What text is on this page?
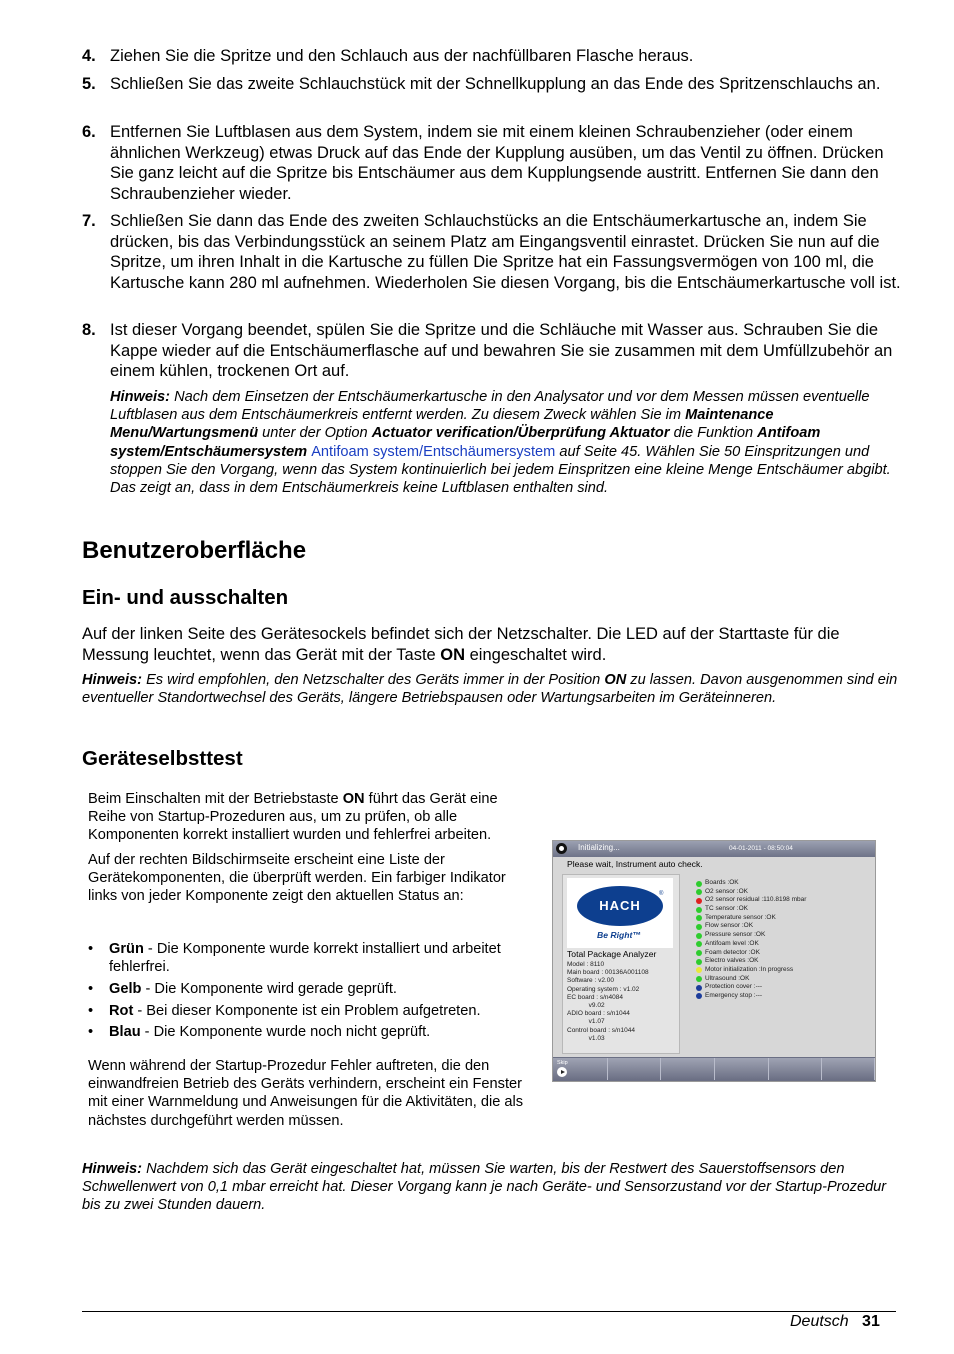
4. Ziehen Sie die Spritze und den Schlauch aus der nachfüllbaren Flasche heraus.
5. Schließen Sie das zweite Schlauchstück mit der Schnellkupplung an das Ende des Spritzenschlauchs an.
6. Entfernen Sie Luftblasen aus dem System, indem sie mit einem kleinen Schraubenzieher (oder einem ähnlichen Werkzeug) etwas Druck auf das Ende der Kupplung ausüben, um das Ventil zu öffnen. Drücken Sie ganz leicht auf die Spritze bis Entschäumer aus dem Kupplungsende austritt. Entfernen Sie dann den Schraubenzieher wieder.
7. Schließen Sie dann das Ende des zweiten Schlauchstücks an die Entschäumerkartusche an, indem Sie drücken, bis das Verbindungsstück an seinem Platz am Eingangsventil einrastet. Drücken Sie nun auf die Spritze, um ihren Inhalt in die Kartusche zu füllen Die Spritze hat ein Fassungsvermögen von 100 ml, die Kartusche kann 280 ml aufnehmen. Wiederholen Sie diesen Vorgang, bis die Entschäumerkartusche voll ist.
8. Ist dieser Vorgang beendet, spülen Sie die Spritze und die Schläuche mit Wasser aus. Schrauben Sie die Kappe wieder auf die Entschäumerflasche auf und bewahren Sie sie zusammen mit dem Umfüllzubehör an einem kühlen, trockenen Ort auf.
Hinweis: Nach dem Einsetzen der Entschäumerkartusche in den Analysator und vor dem Messen müssen eventuelle Luftblasen aus dem Entschäumerkreis entfernt werden. Zu diesem Zweck wählen Sie im Maintenance Menu/Wartungsmenü unter der Option Actuator verification/Überprüfung Aktuator die Funktion Antifoam system/Entschäumersystem Antifoam system/Entschäumersystem auf Seite 45. Wählen Sie 50 Einspritzungen und stoppen Sie den Vorgang, wenn das System kontinuierlich bei jedem Einspritzen eine kleine Menge Entschäumer abgibt. Das zeigt an, dass in dem Entschäumerkreis keine Luftblasen enthalten sind.
Benutzeroberfläche
Ein- und ausschalten
Auf der linken Seite des Gerätesockels befindet sich der Netzschalter. Die LED auf der Starttaste für die Messung leuchtet, wenn das Gerät mit der Taste ON eingeschaltet wird.
Hinweis: Es wird empfohlen, den Netzschalter des Geräts immer in der Position ON zu lassen. Davon ausgenommen sind ein eventueller Standortwechsel des Geräts, längere Betriebspausen oder Wartungsarbeiten im Geräteinneren.
Geräteselbsttest
Beim Einschalten mit der Betriebstaste ON führt das Gerät eine Reihe von Startup-Prozeduren aus, um zu prüfen, ob alle Komponenten korrekt installiert wurden und fehlerfrei arbeiten.
Auf der rechten Bildschirmseite erscheint eine Liste der Gerätekomponenten, die überprüft werden. Ein farbiger Indikator links von jeder Komponente zeigt den aktuellen Status an:
• Grün - Die Komponente wurde korrekt installiert und arbeitet fehlerfrei.
• Gelb - Die Komponente wird gerade geprüft.
• Rot - Bei dieser Komponente ist ein Problem aufgetreten.
• Blau - Die Komponente wurde noch nicht geprüft.
Wenn während der Startup-Prozedur Fehler auftreten, die den einwandfreien Betrieb des Geräts verhindern, erscheint ein Fenster mit einer Warnmeldung und Anweisungen für die Aktivitäten, die als nächstes durchgeführt werden müssen.
Initializing...	04-01-2011 - 08:50:04
Please wait, Instrument auto check.
HACH
®
Be Right™
Total Package Analyzer
Model : 8110
Main board : 00136A001108
Software : v2.00
Operating system : v1.02
EC board : s/n4084
v9.02
ADIO board : s/n1044
v1.07
Control board : s/n1044
v1.03
Boards :OK
O2 sensor :OK
O2 sensor residual :110.8198 mbar
TC sensor :OK
Temperature sensor :OK
Flow sensor :OK
Pressure sensor :OK
Antifoam level :OK
Foam detector :OK
Electro valves :OK
Motor initialization :In progress
Ultrasound :OK
Protection cover :---
Emergency stop :---
Skip
Hinweis: Nachdem sich das Gerät eingeschaltet hat, müssen Sie warten, bis der Restwert des Sauerstoffsensors den Schwellenwert von 0,1 mbar erreicht hat. Dieser Vorgang kann je nach Geräte- und Sensorzustand vor der Startup-Prozedur bis zu zwei Stunden dauern.
Deutsch 31
